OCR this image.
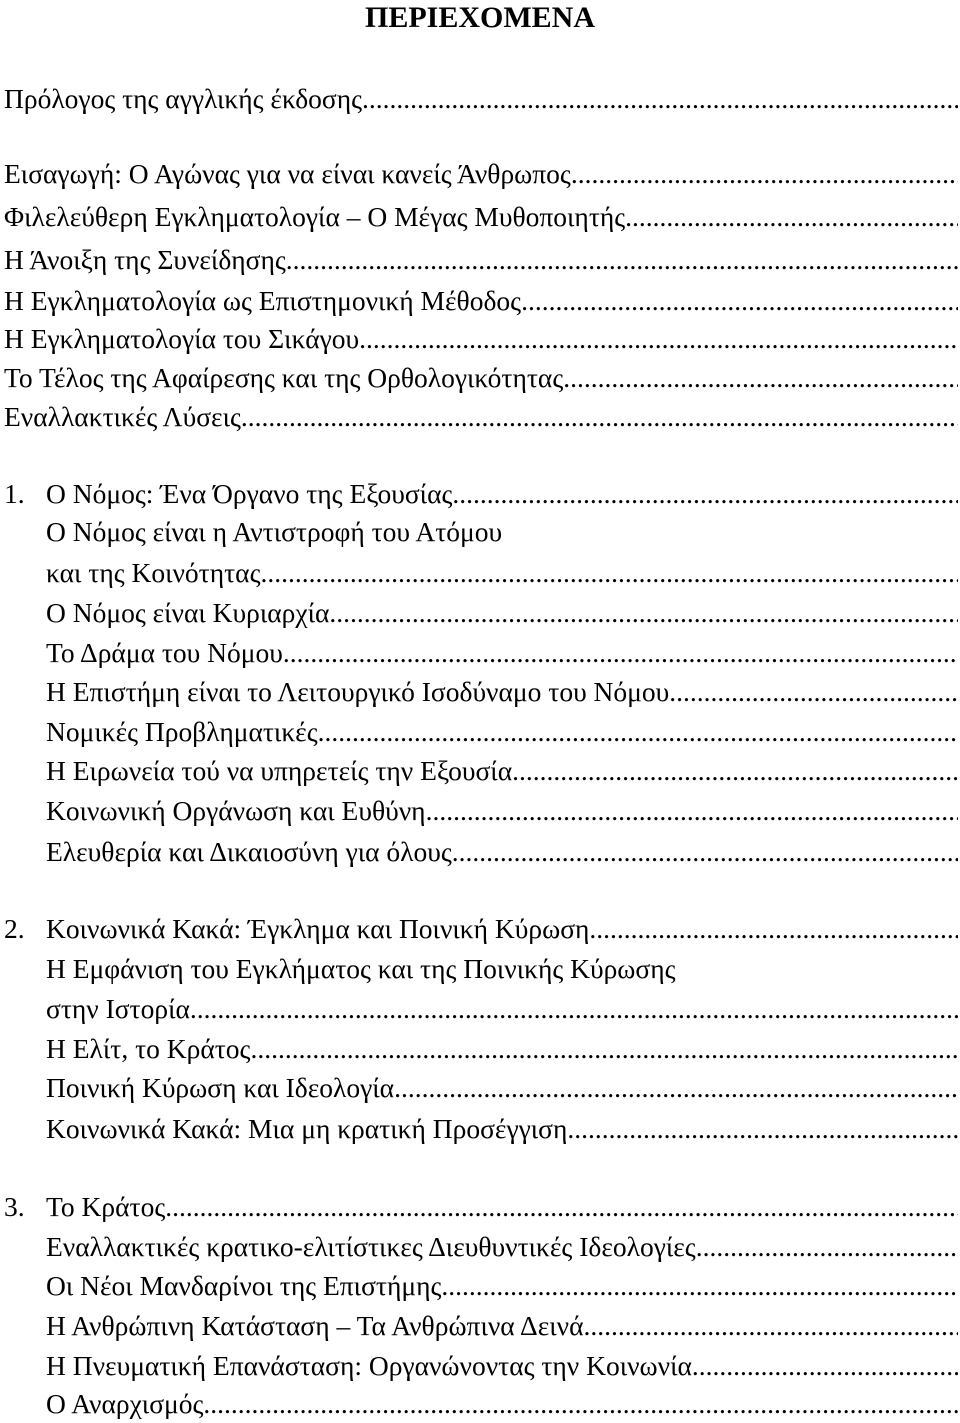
ΠΕΡΙΕΧΟΜΕΝΑ
Πρόλογος της αγγλικής έκδοσης .....
Εισαγωγή: Ο Αγώνας για να είναι κανείς Άνθρωπος .....
Φιλελεύθερη Εγκληματολογία – Ο Μέγας Μυθοποιητής .....
Η Άνοιξη της Συνείδησης .....
Η Εγκληματολογία ως Επιστημονική Μέθοδος .....
Η Εγκληματολογία του Σικάγου .....
Το Τέλος της Αφαίρεσης και της Ορθολογικότητας .....
Εναλλακτικές Λύσεις .....
1. Ο Νόμος: Ένα Όργανο της Εξουσίας .....
Ο Νόμος είναι η Αντιστροφή του Ατόμου
και της Κοινότητας .....
Ο Νόμος είναι Κυριαρχία .....
Το Δράμα του Νόμου .....
Η Επιστήμη είναι το Λειτουργικό Ισοδύναμο του Νόμου .....
Νομικές Προβληματικές .....
Η Ειρωνεία τού να υπηρετείς την Εξουσία .....
Κοινωνική Οργάνωση και Ευθύνη .....
Ελευθερία και Δικαιοσύνη για όλους .....
2. Κοινωνικά Κακά: Έγκλημα και Ποινική Κύρωση .....
Η Εμφάνιση του Εγκλήματος και της Ποινικής Κύρωσης
στην Ιστορία .....
Η Ελίτ, το Κράτος .....
Ποινική Κύρωση και Ιδεολογία .....
Κοινωνικά Κακά: Μια μη κρατική Προσέγγιση .....
3. Το Κράτος .....
Εναλλακτικές κρατικο-ελιτίστικες Διευθυντικές Ιδεολογίες .....
Οι Νέοι Μανδαρίνοι της Επιστήμης .....
Η Ανθρώπινη Κατάσταση – Τα Ανθρώπινα Δεινά .....
Η Πνευματική Επανάσταση: Οργανώνοντας την Κοινωνία .....
Ο Αναρχισμός .....
